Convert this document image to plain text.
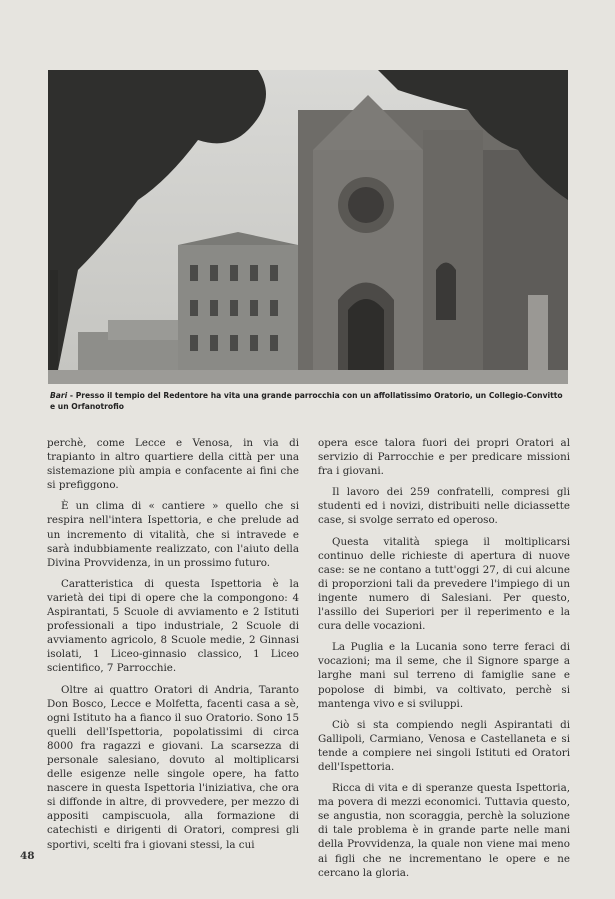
Bari - Presso il tempio del Redentore ha vita una grande parrocchia con un affollatissimo Oratorio, un Collegio-Convitto e un Orfanotrofio

perchè, come Lecce e Venosa, in via di trapianto in altro quartiere della città per una sistemazione più ampia e confacente ai fini che si prefiggono.

È un clima di « cantiere » quello che si respira nell'intera Ispettoria, e che prelude ad un incremento di vitalità, che si intravede e sarà indubbiamente realizzato, con l'aiuto della Divina Provvidenza, in un prossimo futuro.

Caratteristica di questa Ispettoria è la varietà dei tipi di opere che la compongono: 4 Aspirantati, 5 Scuole di avviamento e 2 Istituti professionali a tipo industriale, 2 Scuole di avviamento agricolo, 8 Scuole medie, 2 Ginnasi isolati, 1 Liceo-ginnasio classico, 1 Liceo scientifico, 7 Parrocchie.

Oltre ai quattro Oratori di Andria, Taranto Don Bosco, Lecce e Molfetta, facenti casa a sè, ogni Istituto ha a fianco il suo Oratorio. Sono 15 quelli dell'Ispettoria, popolatissimi di circa 8000 fra ragazzi e giovani. La scarsezza di personale salesiano, dovuto al moltiplicarsi delle esigenze nelle singole opere, ha fatto nascere in questa Ispettoria l'iniziativa, che ora si diffonde in altre, di provvedere, per mezzo di appositi campiscuola, alla formazione di catechisti e dirigenti di Oratori, compresi gli sportivi, scelti fra i giovani stessi, la cui

opera esce talora fuori dei propri Oratori al servizio di Parrocchie e per predicare missioni fra i giovani.

Il lavoro dei 259 confratelli, compresi gli studenti ed i novizi, distribuiti nelle diciassette case, si svolge serrato ed operoso.

Questa vitalità spiega il moltiplicarsi continuo delle richieste di apertura di nuove case: se ne contano a tutt'oggi 27, di cui alcune di proporzioni tali da prevedere l'impiego di un ingente numero di Salesiani. Per questo, l'assillo dei Superiori per il reperimento e la cura delle vocazioni.

La Puglia e la Lucania sono terre feraci di vocazioni; ma il seme, che il Signore sparge a larghe mani sul terreno di famiglie sane e popolose di bimbi, va coltivato, perchè si mantenga vivo e si sviluppi.

Ciò si sta compiendo negli Aspirantati di Gallipoli, Carmiano, Venosa e Castellaneta e si tende a compiere nei singoli Istituti ed Oratori dell'Ispettoria.

Ricca di vita e di speranze questa Ispettoria, ma povera di mezzi economici. Tuttavia questo, se angustia, non scoraggia, perchè la soluzione di tale problema è in grande parte nelle mani della Provvidenza, la quale non viene mai meno ai figli che ne incrementano le opere e ne cercano la gloria.

48
